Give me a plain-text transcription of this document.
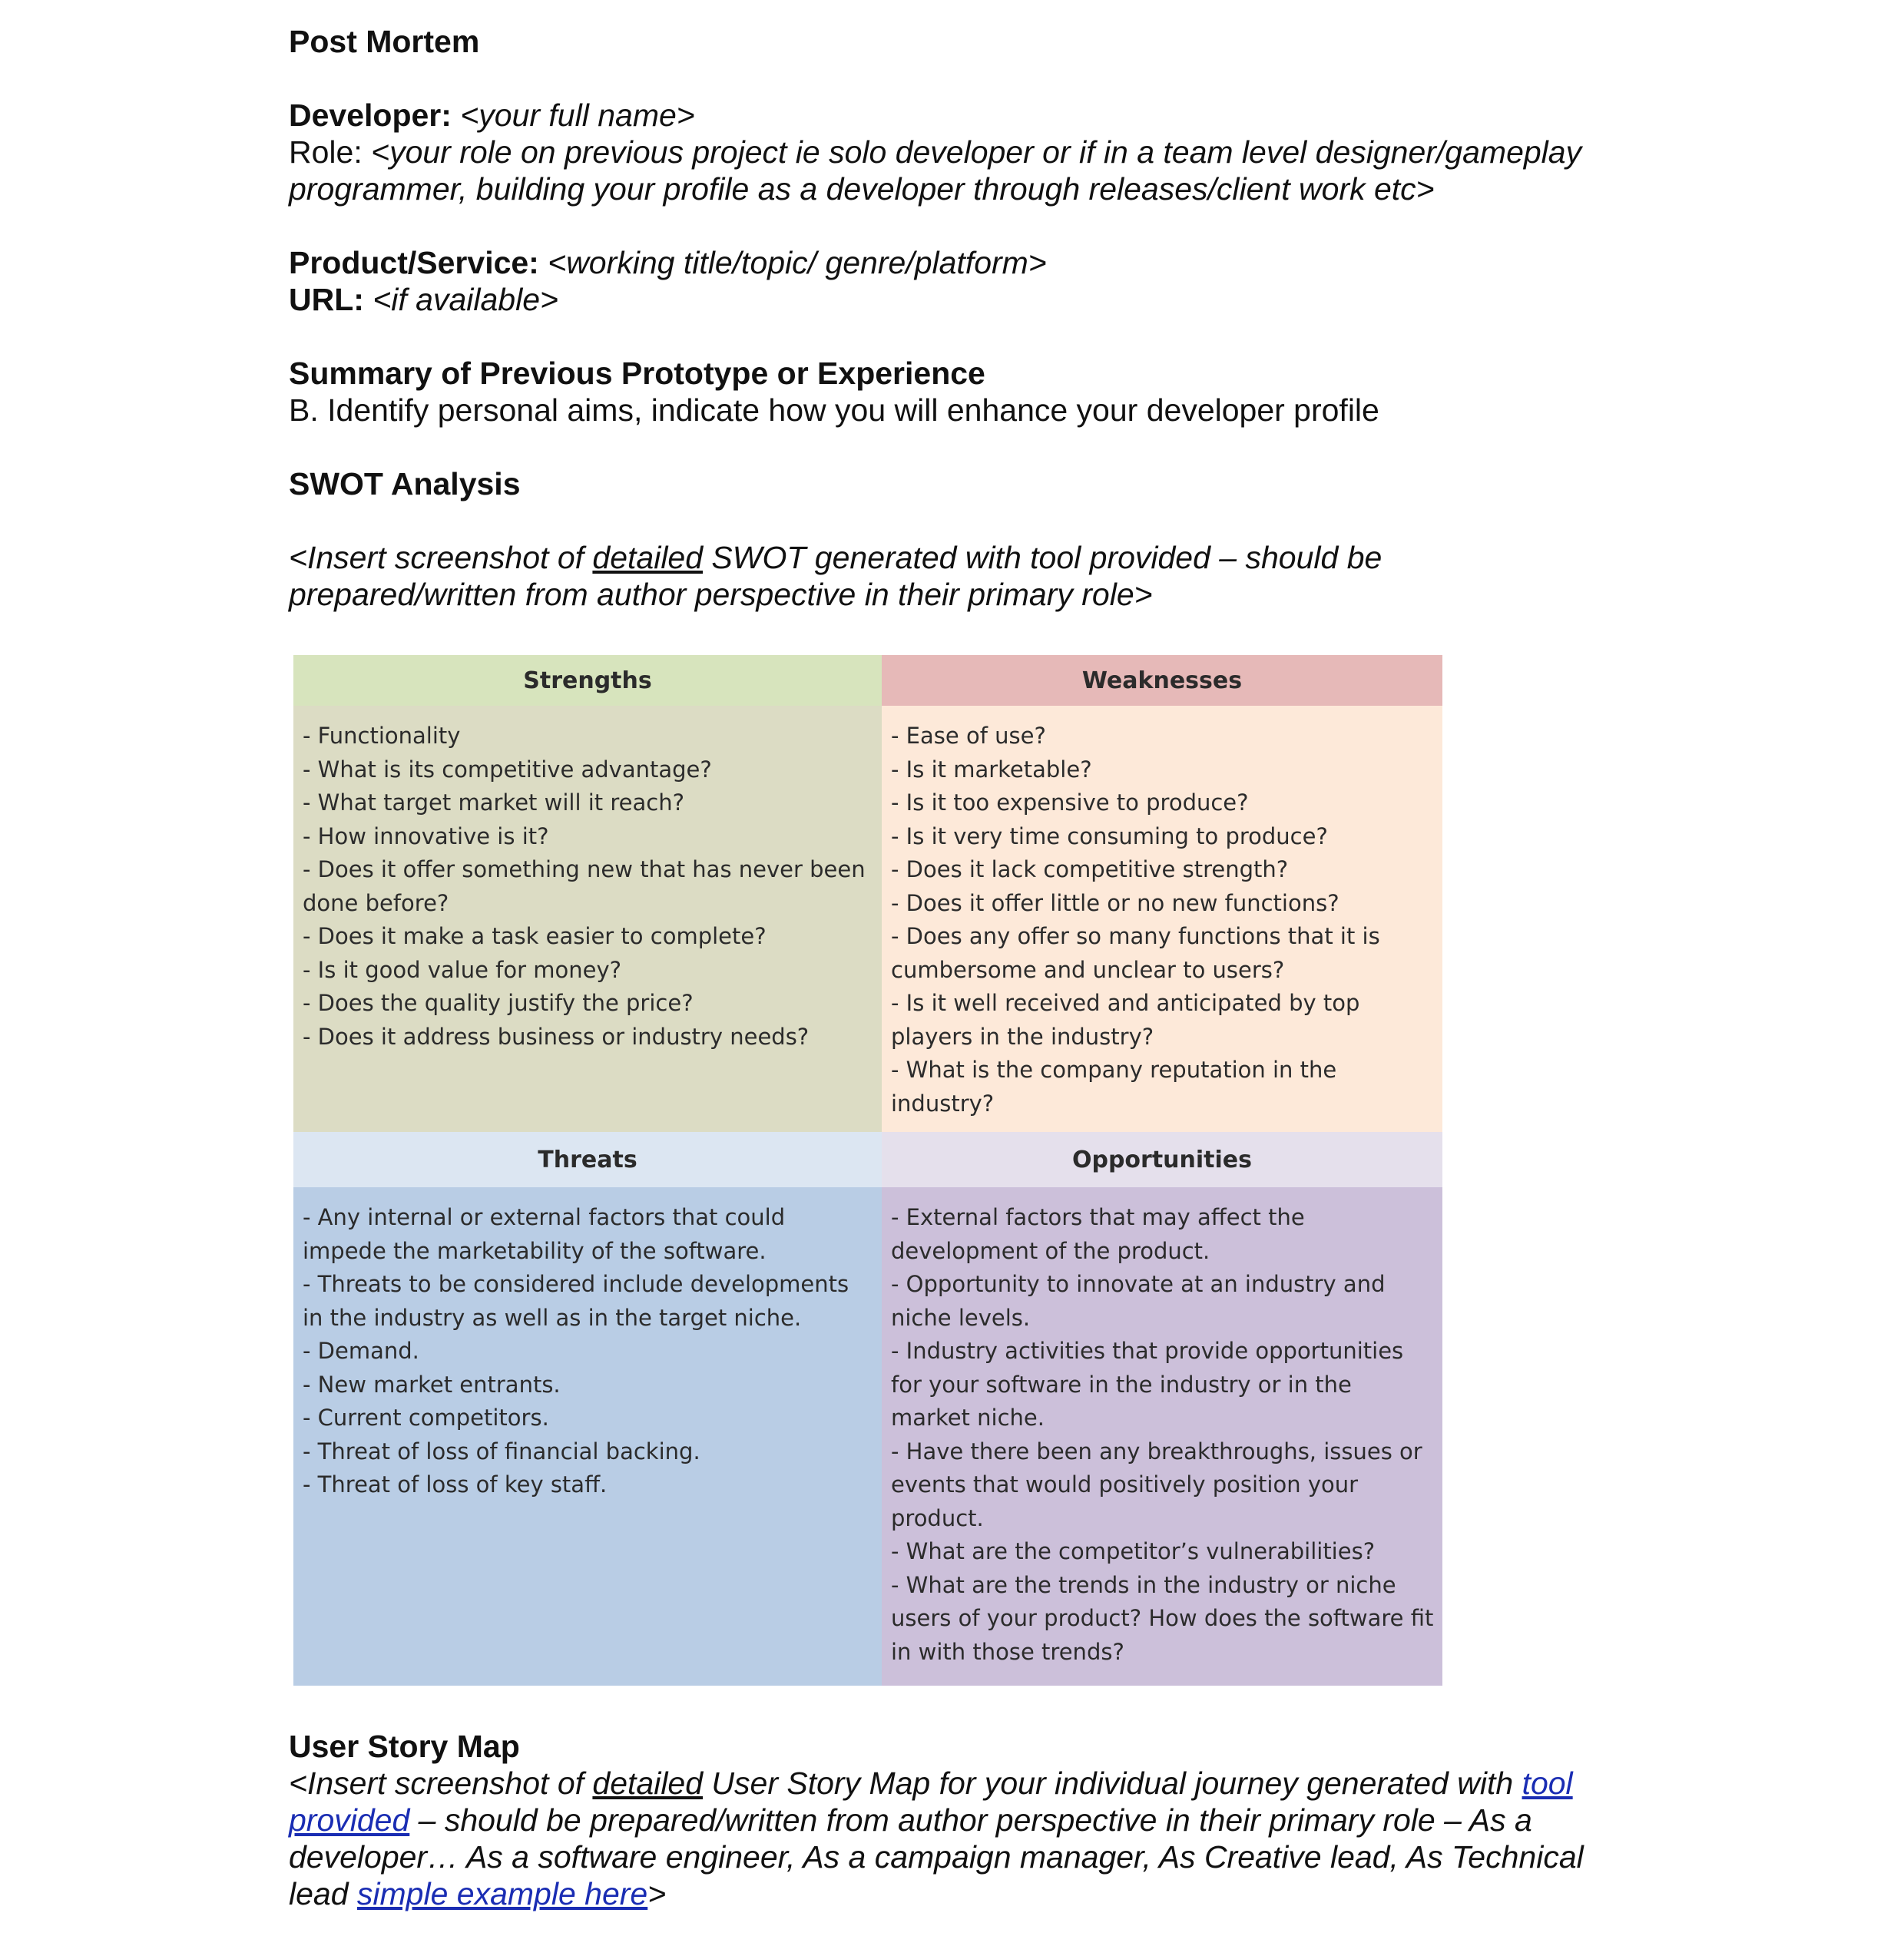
Post Mortem

Developer: <your full name>

Role: <your role on previous project ie solo developer or if in a team level designer/gameplay

programmer, building your profile as a developer through releases/client work etc>

Product/Service: <working title/topic/ genre/platform>

URL: <if available>

Summary of Previous Prototype or Experience

B. Identify personal aims, indicate how you will enhance your developer profile

SWOT Analysis

<Insert screenshot of detailed SWOT generated with tool provided – should be

prepared/written from author perspective in their primary role>

Strengths	Weaknesses
- Functionality
- What is its competitive advantage?
- What target market will it reach?
- How innovative is it?
- Does it offer something new that has never been done before?
- Does it make a task easier to complete?
- Is it good value for money?
- Does the quality justify the price?
- Does it address business or industry needs?
- Ease of use?
- Is it marketable?
- Is it too expensive to produce?
- Is it very time consuming to produce?
- Does it lack competitive strength?
- Does it offer little or no new functions?
- Does any offer so many functions that it is cumbersome and unclear to users?
- Is it well received and anticipated by top players in the industry?
- What is the company reputation in the industry?
Threats	Opportunities
- Any internal or external factors that could impede the marketability of the software.
- Threats to be considered include developments in the industry as well as in the target niche.
- Demand.
- New market entrants.
- Current competitors.
- Threat of loss of financial backing.
- Threat of loss of key staff.
- External factors that may affect the development of the product.
- Opportunity to innovate at an industry and niche levels.
- Industry activities that provide opportunities for your software in the industry or in the market niche.
- Have there been any breakthroughs, issues or events that would positively position your product.
- What are the competitor’s vulnerabilities?
- What are the trends in the industry or niche users of your product? How does the software fit in with those trends?

User Story Map

<Insert screenshot of detailed User Story Map for your individual journey generated with tool provided – should be prepared/written from author perspective in their primary role – As a developer… As a software engineer, As a campaign manager, As Creative lead, As Technical lead simple example here>
